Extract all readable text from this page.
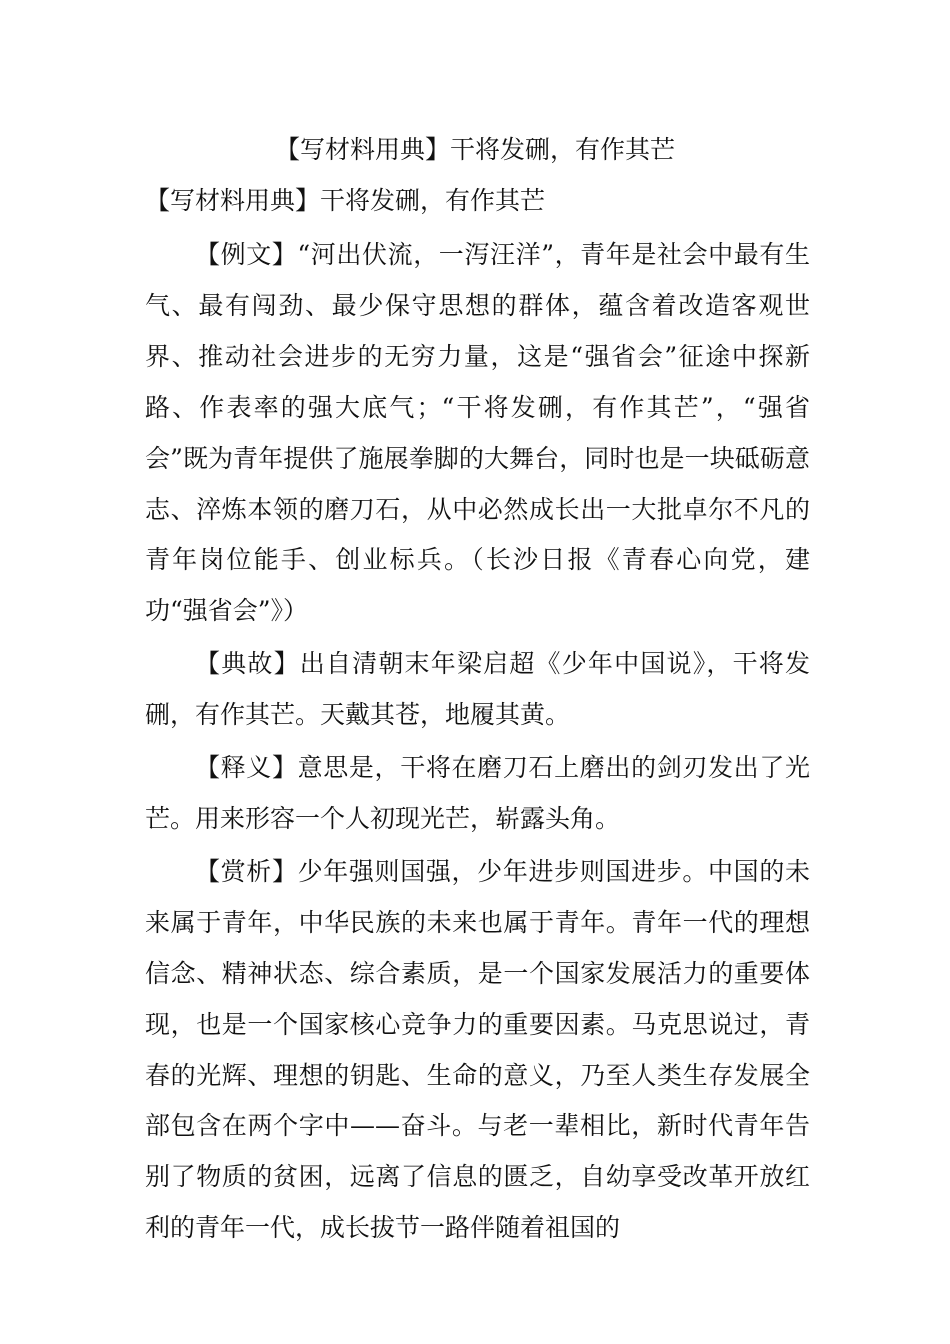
【写材料用典】干将发硎，有作其芒
【写材料用典】干将发硎，有作其芒

【例文】“河出伏流，一泻汪洋”，青年是社会中最有生气、最有闯劲、最少保守思想的群体，蕴含着改造客观世界、推动社会进步的无穷力量，这是“强省会”征途中探新路、作表率的强大底气；“干将发硎，有作其芒”，“强省会”既为青年提供了施展拳脚的大舞台，同时也是一块砥砺意志、淬炼本领的磨刀石，从中必然成长出一大批卓尔不凡的青年岗位能手、创业标兵。（长沙日报《青春心向党，建功“强省会”》）

【典故】出自清朝末年梁启超《少年中国说》，干将发硎，有作其芒。天戴其苍，地履其黄。

【释义】意思是，干将在磨刀石上磨出的剑刃发出了光芒。用来形容一个人初现光芒，崭露头角。

【赏析】少年强则国强，少年进步则国进步。中国的未来属于青年，中华民族的未来也属于青年。青年一代的理想信念、精神状态、综合素质，是一个国家发展活力的重要体现，也是一个国家核心竞争力的重要因素。马克思说过，青春的光辉、理想的钥匙、生命的意义，乃至人类生存发展全部包含在两个字中——奋斗。与老一辈相比，新时代青年告别了物质的贫困，远离了信息的匮乏，自幼享受改革开放红利的青年一代，成长拔节一路伴随着祖国的
